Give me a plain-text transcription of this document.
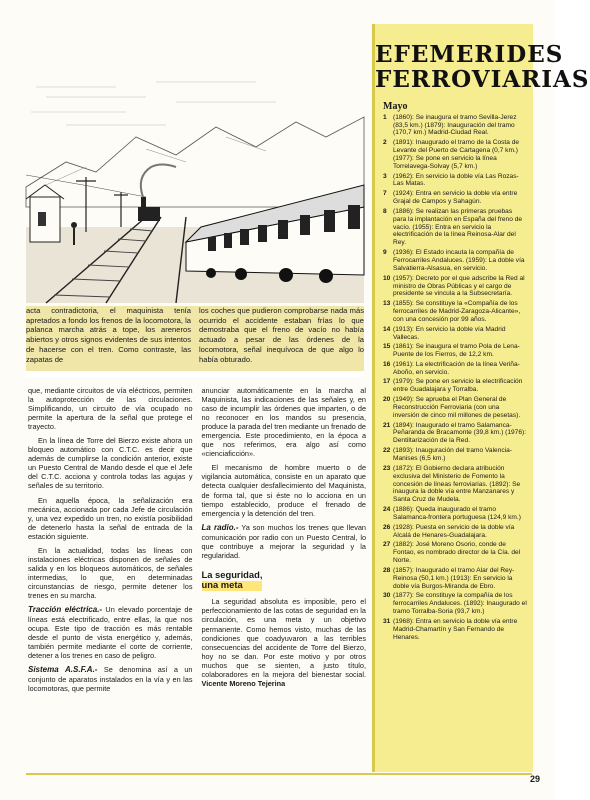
acta contradictoria, el maquinista tenía apretados a fondo los frenos de la locomotora, la palanca marcha atrás a tope, los areneros abiertos y otros signos evidentes de sus intentos de hacerse con el tren. Como contraste, las zapatas de
los coches que pudieron comprobarse nada más ocurrido el accidente estaban frías lo que demostraba que el freno de vacío no había actuado a pesar de las órdenes de la locomotora, señal inequívoca de que algo lo había obturado.

que, mediante circuitos de vía eléctricos, permiten la autoprotección de las circulaciones. Simplificando, un circuito de vía ocupado no permite la apertura de la señal que protege el trayecto.

En la línea de Torre del Bierzo existe ahora un bloqueo automático con C.T.C. es decir que además de cumplirse la condición anterior, existe un Puesto Central de Mando desde el que el Jefe del C.T.C. acciona y controla todas las agujas y señales de su territorio.

En aquella época, la señalización era mecánica, accionada por cada Jefe de circulación y, una vez expedido un tren, no existía posibilidad de detenerlo hasta la señal de entrada de la estación siguiente.

En la actualidad, todas las líneas con instalaciones eléctricas disponen de señales de salida y en los bloqueos automáticos, de señales intermedias, lo que, en determinadas circunstancias de riesgo, permite detener los trenes en su marcha.

Tracción eléctrica.- Un elevado porcentaje de líneas está electrificado, entre ellas, la que nos ocupa. Este tipo de tracción es más rentable desde el punto de vista energético y, además, también permite mediante el corte de corriente, detener a los trenes en caso de peligro.

Sistema A.S.F.A.- Se denomina así a un conjunto de aparatos instalados en la vía y en las locomotoras, que permite

anunciar automáticamente en la marcha al Maquinista, las indicaciones de las señales y, en caso de incumplir las órdenes que imparten, o de no reconocer en los mandos su presencia, produce la parada del tren mediante un frenado de emergencia. Este procedimiento, en la época a que nos referimos, era algo así como «cienciaficción».

El mecanismo de hombre muerto o de vigilancia automática, consiste en un aparato que detecta cualquier desfallecimiento del Maquinista, de forma tal, que si éste no lo acciona en un tiempo establecido, produce el frenado de emergencia y la detención del tren.

La radio.- Ya son muchos los trenes que llevan comunicación por radio con un Puesto Central, lo que contribuye a mejorar la seguridad y la regularidad.

La seguridad,
una meta

La seguridad absoluta es imposible, pero el perfeccionamiento de las cotas de seguridad en la circulación, es una meta y un objetivo permanente. Como hemos visto, muchas de las condiciones que coadyuvaron a las terribles consecuencias del accidente de Torre del Bierzo, hoy no se dan. Por este motivo y por otros muchos que se sienten, a justo título, colaboradores en la mejora del bienestar social. Vicente Moreno Tejerina

EFEMERIDES
FERROVIARIAS
Mayo
1 (1860): Se inaugura el tramo Sevilla-Jerez (83,5 km.) (1879): Inauguración del tramo (170,7 km.) Madrid-Ciudad Real.
2 (1891): Inaugurado el tramo de la Costa de Levante del Puerto de Cartagena (0,7 km.) (1977): Se pone en servicio la línea Torrelavega-Solvay (5,7 km.)
3 (1962): En servicio la doble vía Las Rozas-Las Matas.
7 (1924): Entra en servicio la doble vía entre Grajal de Campos y Sahagún.
8 (1886): Se realizan las primeras pruebas para la implantación en España del freno de vacío. (1955): Entra en servicio la electrificación de la línea Reinosa-Alar del Rey.
9 (1936): El Estado incauta la compañía de Ferrocarriles Andaluces. (1959): La doble vía Salvatierra-Alsasua, en servicio.
10 (1957): Decreto por el que adscribe la Red al ministro de Obras Públicas y el cargo de presidente se vincula a la Subsecretaría.
13 (1855): Se constituye la «Compañía de los ferrocarriles de Madrid-Zaragoza-Alicante», con una concesión por 99 años.
14 (1913): En servicio la doble vía Madrid Vallecas.
15 (1861): Se inaugura el tramo Pola de Lena-Puente de los Fierros, de 12,2 km.
16 (1961): La electrificación de la línea Veriña-Aboño, en servicio.
17 (1979): Se pone en servicio la electrificación entre Guadalajara y Torralba.
20 (1949): Se aprueba el Plan General de Reconstrucción Ferroviaria (con una inversión de cinco mil millones de pesetas).
21 (1894): Inaugurado el tramo Salamanca-Peñaranda de Bracamonte (39,8 km.) (1976): Dentiltarización de la Red.
22 (1893): Inauguración del tramo Valencia-Manises (6,5 km.)
23 (1872): El Gobierno declara atribución exclusiva del Ministerio de Fomento la concesión de líneas ferroviarias. (1892): Se inaugura la doble vía entre Manzanares y Santa Cruz de Mudela.
24 (1886): Queda inaugurado el tramo Salamanca-frontera portuguesa (124,9 km.)
26 (1928): Puesta en servicio de la doble vía Alcalá de Henares-Guadalajara.
27 (1882): José Moreno Osorio, conde de Fontao, es nombrado director de la Cía. del Norte.
28 (1857): Inaugurado el tramo Alar del Rey-Reinosa (50,1 km.) (1913): En servicio la doble vía Burgos-Miranda de Ebro.
30 (1877): Se constituye la compañía de los ferrocarriles Andaluces. (1892): Inaugurado el tramo Torralba-Soria (93,7 km.)
31 (1968): Entra en servicio la doble vía entre Madrid-Chamartín y San Fernando de Henares.
29
